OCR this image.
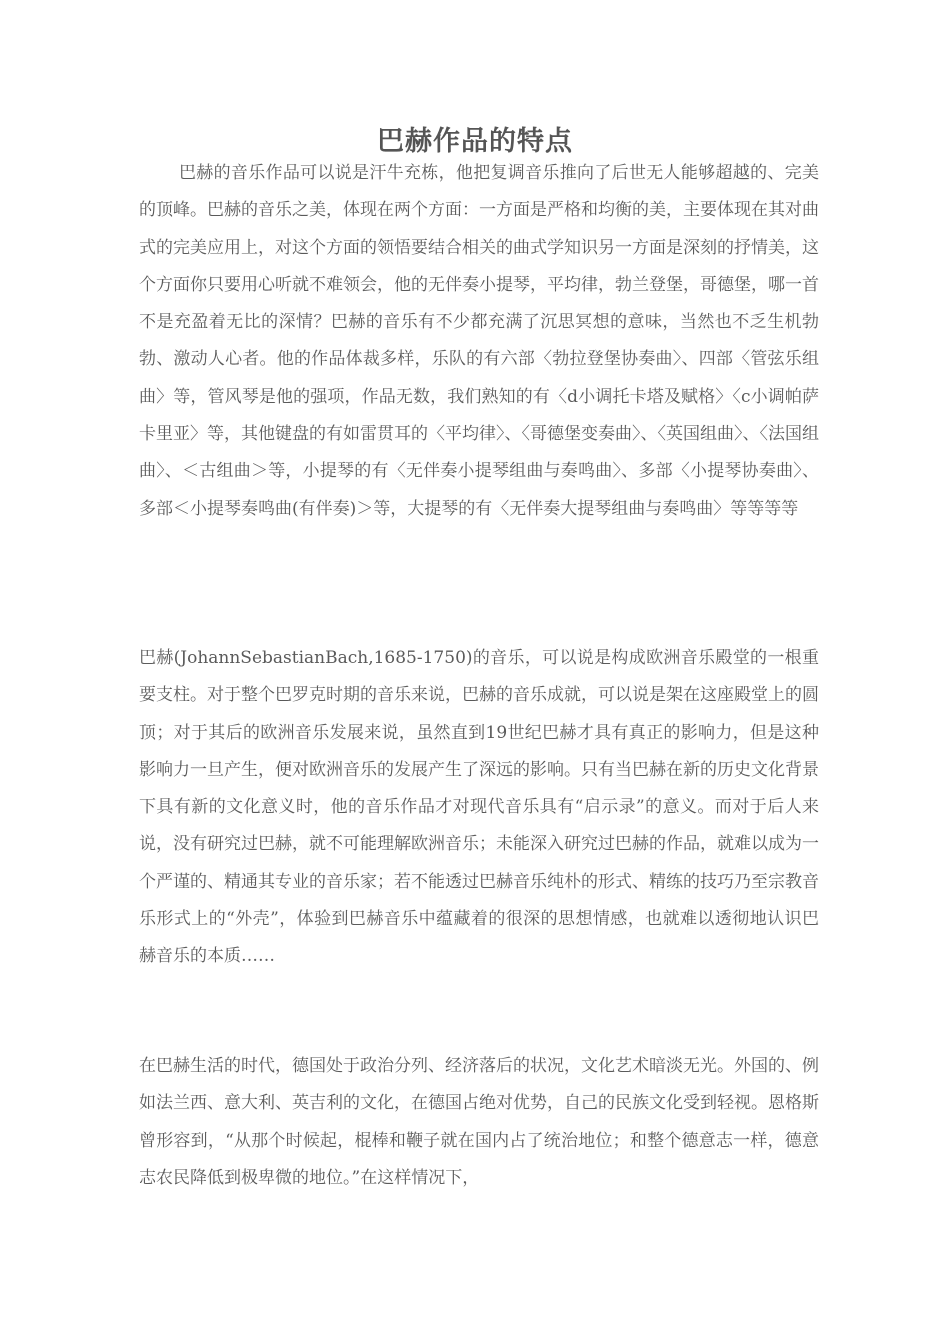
巴赫作品的特点

巴赫的音乐作品可以说是汗牛充栋，他把复调音乐推向了后世无人能够超越的、完美的顶峰。巴赫的音乐之美，体现在两个方面：一方面是严格和均衡的美，主要体现在其对曲式的完美应用上，对这个方面的领悟要结合相关的曲式学知识另一方面是深刻的抒情美，这个方面你只要用心听就不难领会，他的无伴奏小提琴，平均律，勃兰登堡，哥德堡，哪一首不是充盈着无比的深情？巴赫的音乐有不少都充满了沉思冥想的意味，当然也不乏生机勃勃、激动人心者。他的作品体裁多样，乐队的有六部〈勃拉登堡协奏曲〉、四部〈管弦乐组曲〉等，管风琴是他的强项，作品无数，我们熟知的有〈d小调托卡塔及赋格〉〈c小调帕萨卡里亚〉等，其他键盘的有如雷贯耳的〈平均律〉、〈哥德堡变奏曲〉、〈英国组曲〉、〈法国组曲〉、＜古组曲＞等，小提琴的有〈无伴奏小提琴组曲与奏鸣曲〉、多部〈小提琴协奏曲〉、多部＜小提琴奏鸣曲(有伴奏)＞等，大提琴的有〈无伴奏大提琴组曲与奏鸣曲〉等等等等

巴赫(JohannSebastianBach,1685-1750)的音乐，可以说是构成欧洲音乐殿堂的一根重要支柱。对于整个巴罗克时期的音乐来说，巴赫的音乐成就，可以说是架在这座殿堂上的圆顶；对于其后的欧洲音乐发展来说，虽然直到19世纪巴赫才具有真正的影响力，但是这种影响力一旦产生，便对欧洲音乐的发展产生了深远的影响。只有当巴赫在新的历史文化背景下具有新的文化意义时，他的音乐作品才对现代音乐具有“启示录”的意义。而对于后人来说，没有研究过巴赫，就不可能理解欧洲音乐；未能深入研究过巴赫的作品，就难以成为一个严谨的、精通其专业的音乐家；若不能透过巴赫音乐纯朴的形式、精练的技巧乃至宗教音乐形式上的“外壳”，体验到巴赫音乐中蕴藏着的很深的思想情感，也就难以透彻地认识巴赫音乐的本质……

在巴赫生活的时代，德国处于政治分列、经济落后的状况，文化艺术暗淡无光。外国的、例如法兰西、意大利、英吉利的文化，在德国占绝对优势，自己的民族文化受到轻视。恩格斯曾形容到，“从那个时候起，棍棒和鞭子就在国内占了统治地位；和整个德意志一样，德意志农民降低到极卑微的地位。”在这样情况下，
